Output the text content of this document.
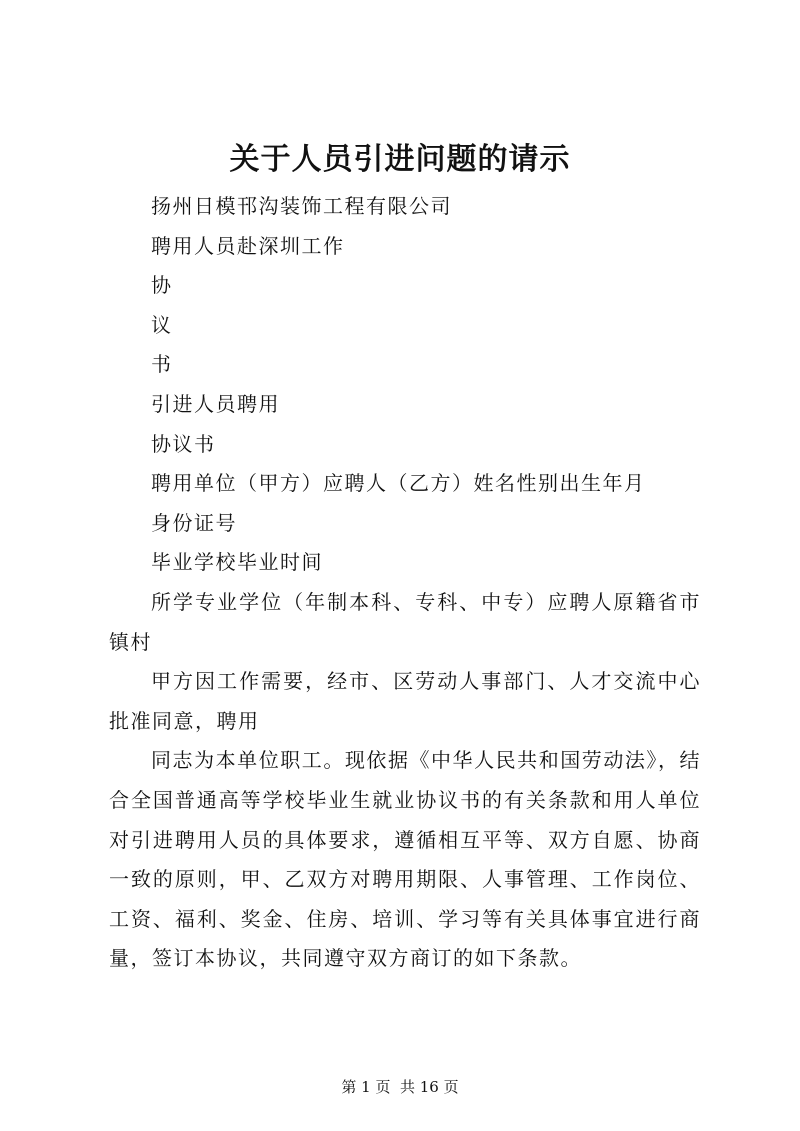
关于人员引进问题的请示

扬州日模邗沟装饰工程有限公司

聘用人员赴深圳工作

协

议

书

引进人员聘用

协议书

聘用单位（甲方）应聘人（乙方）姓名性别出生年月

身份证号

毕业学校毕业时间

所学专业学位（年制本科、专科、中专）应聘人原籍省市镇村

甲方因工作需要，经市、区劳动人事部门、人才交流中心批准同意，聘用

同志为本单位职工。现依据《中华人民共和国劳动法》，结合全国普通高等学校毕业生就业协议书的有关条款和用人单位对引进聘用人员的具体要求，遵循相互平等、双方自愿、协商一致的原则，甲、乙双方对聘用期限、人事管理、工作岗位、工资、福利、奖金、住房、培训、学习等有关具体事宜进行商量，签订本协议，共同遵守双方商订的如下条款。

第 1 页  共 16 页
